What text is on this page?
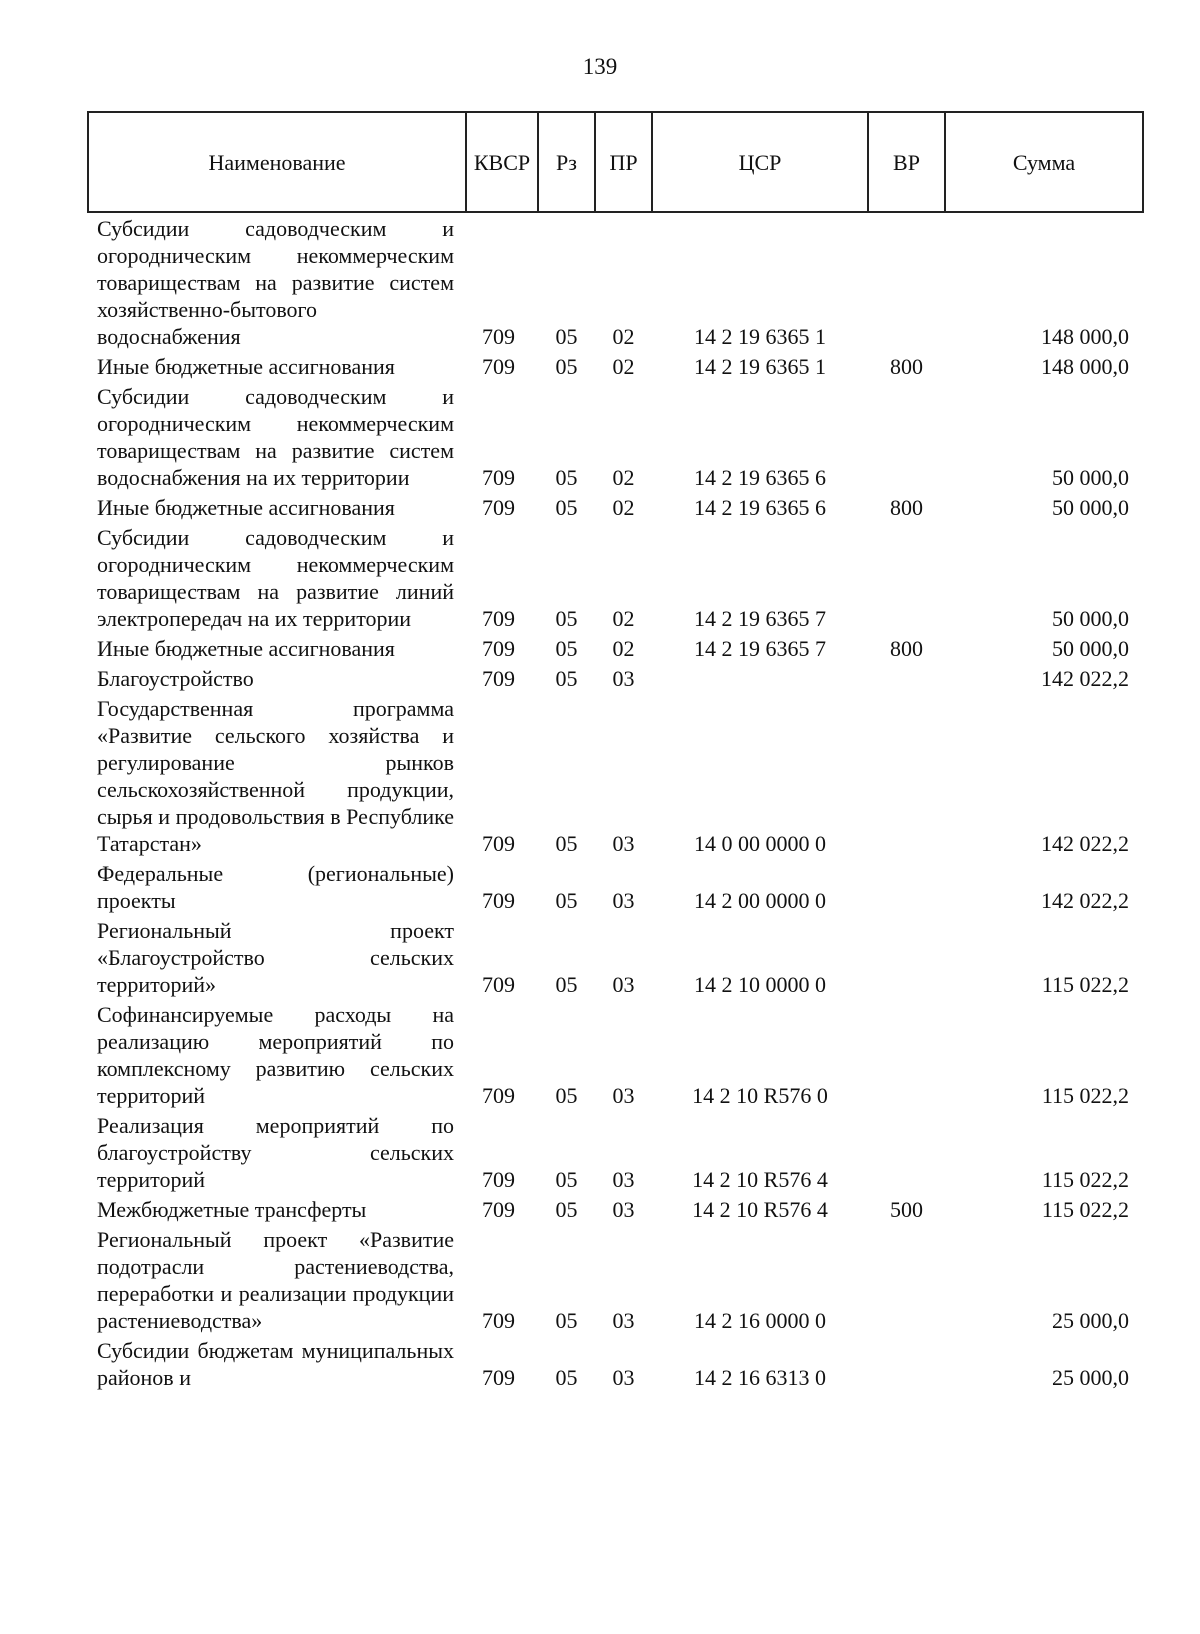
139
Наименование	КВСР	Рз	ПР	ЦСР	ВР	Сумма
Субсидии садоводческим и огородническим некоммерческим товариществам на развитие систем хозяйственно-бытового водоснабжения	709	05	02	14 2 19 6365 1		148 000,0
Иные бюджетные ассигнования	709	05	02	14 2 19 6365 1	800	148 000,0
Субсидии садоводческим и огородническим некоммерческим товариществам на развитие систем водоснабжения на их территории	709	05	02	14 2 19 6365 6		50 000,0
Иные бюджетные ассигнования	709	05	02	14 2 19 6365 6	800	50 000,0
Субсидии садоводческим и огородническим некоммерческим товариществам на развитие линий электропередач на их территории	709	05	02	14 2 19 6365 7		50 000,0
Иные бюджетные ассигнования	709	05	02	14 2 19 6365 7	800	50 000,0
Благоустройство	709	05	03			142 022,2
Государственная программа «Развитие сельского хозяйства и регулирование рынков сельскохозяйственной продукции, сырья и продовольствия в Республике Татарстан»	709	05	03	14 0 00 0000 0		142 022,2
Федеральные (региональные) проекты	709	05	03	14 2 00 0000 0		142 022,2
Региональный проект «Благоустройство сельских территорий»	709	05	03	14 2 10 0000 0		115 022,2
Софинансируемые расходы на реализацию мероприятий по комплексному развитию сельских территорий	709	05	03	14 2 10 R576 0		115 022,2
Реализация мероприятий по благоустройству сельских территорий	709	05	03	14 2 10 R576 4		115 022,2
Межбюджетные трансферты	709	05	03	14 2 10 R576 4	500	115 022,2
Региональный проект «Развитие подотрасли растениеводства, переработки и реализации продукции растениеводства»	709	05	03	14 2 16 0000 0		25 000,0
Субсидии бюджетам муниципальных районов и	709	05	03	14 2 16 6313 0		25 000,0
